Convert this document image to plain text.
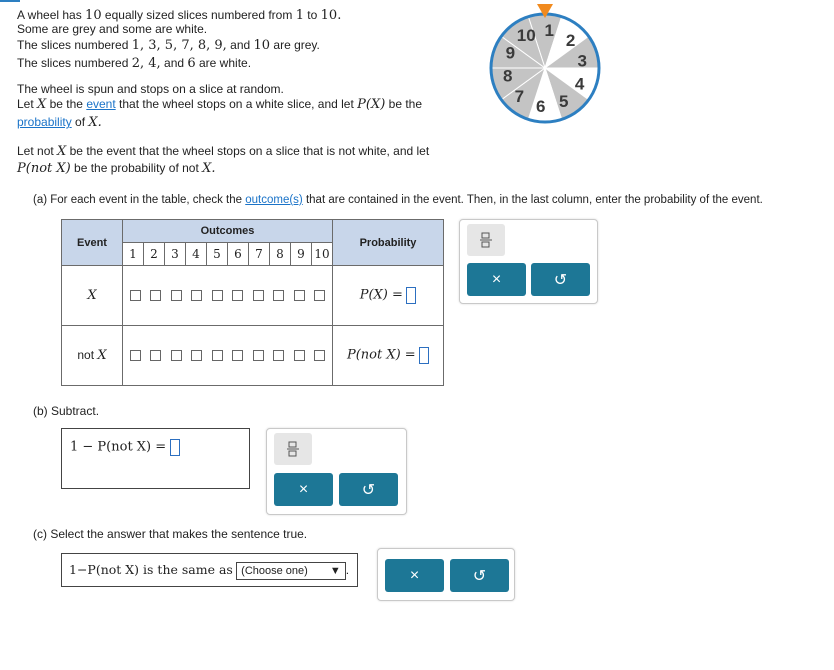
A wheel has 10 equally sized slices numbered from 1 to 10.
Some are grey and some are white.
The slices numbered 1, 3, 5, 7, 8, 9, and 10 are grey.
The slices numbered 2, 4, and 6 are white.
The wheel is spun and stops on a slice at random.
Let X be the event that the wheel stops on a white slice, and let P(X) be the
probability of X.
Let not X be the event that the wheel stops on a slice that is not white, and let
P(not X) be the probability of not X.
1
2
3
4
5
6
7
8
9
10
(a) For each event in the table, check the outcome(s) that are contained in the event. Then, in the last column, enter the probability of the event.
Event	Outcomes										Probability
	1	2	3	4	5	6	7	8	9	10	
X											P(X) =
not X											P(not X) =
×	↺
(b) Subtract.
1 − P(not X) =
×	↺
(c) Select the answer that makes the sentence true.
×	↺
1−P(not X) is the same as (Choose one) ▼ .
